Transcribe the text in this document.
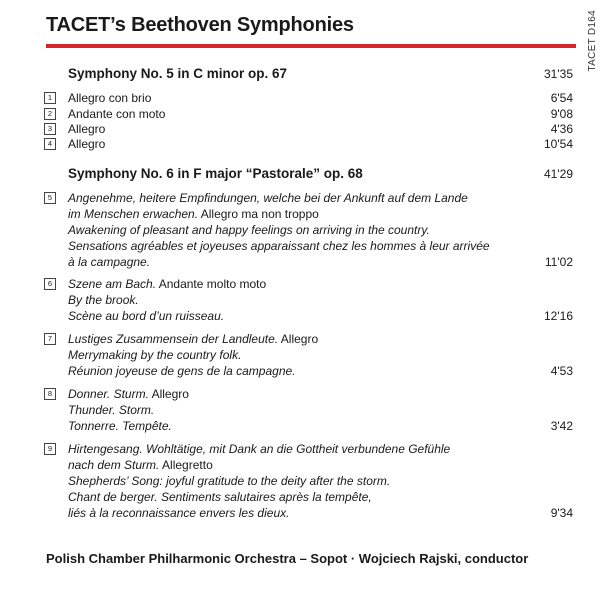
TACET’s Beethoven Symphonies	TACET D164
Symphony No. 5 in C minor op. 67	31'35
1	Allegro con brio	6'54
2	Andante con moto	9'08
3	Allegro	4'36
4	Allegro	10'54
Symphony No. 6 in F major “Pastorale” op. 68	41'29
5	Angenehme, heitere Empfindungen, welche bei der Ankunft auf dem Lande
im Menschen erwachen. Allegro ma non troppo
Awakening of pleasant and happy feelings on arriving in the country.
Sensations agréables et joyeuses apparaissant chez les hommes à leur arrivée
à la campagne.	11'02
6	Szene am Bach. Andante molto moto
By the brook.
Scène au bord d’un ruisseau.	12'16
7	Lustiges Zusammensein der Landleute. Allegro
Merrymaking by the country folk.
Réunion joyeuse de gens de la campagne.	4'53
8	Donner. Sturm. Allegro
Thunder. Storm.
Tonnerre. Tempête.	3'42
9	Hirtengesang. Wohltätige, mit Dank an die Gottheit verbundene Gefühle
nach dem Sturm. Allegretto
Shepherds’ Song: joyful gratitude to the deity after the storm.
Chant de berger. Sentiments salutaires après la tempête,
liés à la reconnaissance envers les dieux.	9'34
Polish Chamber Philharmonic Orchestra – Sopot · Wojciech Rajski, conductor
